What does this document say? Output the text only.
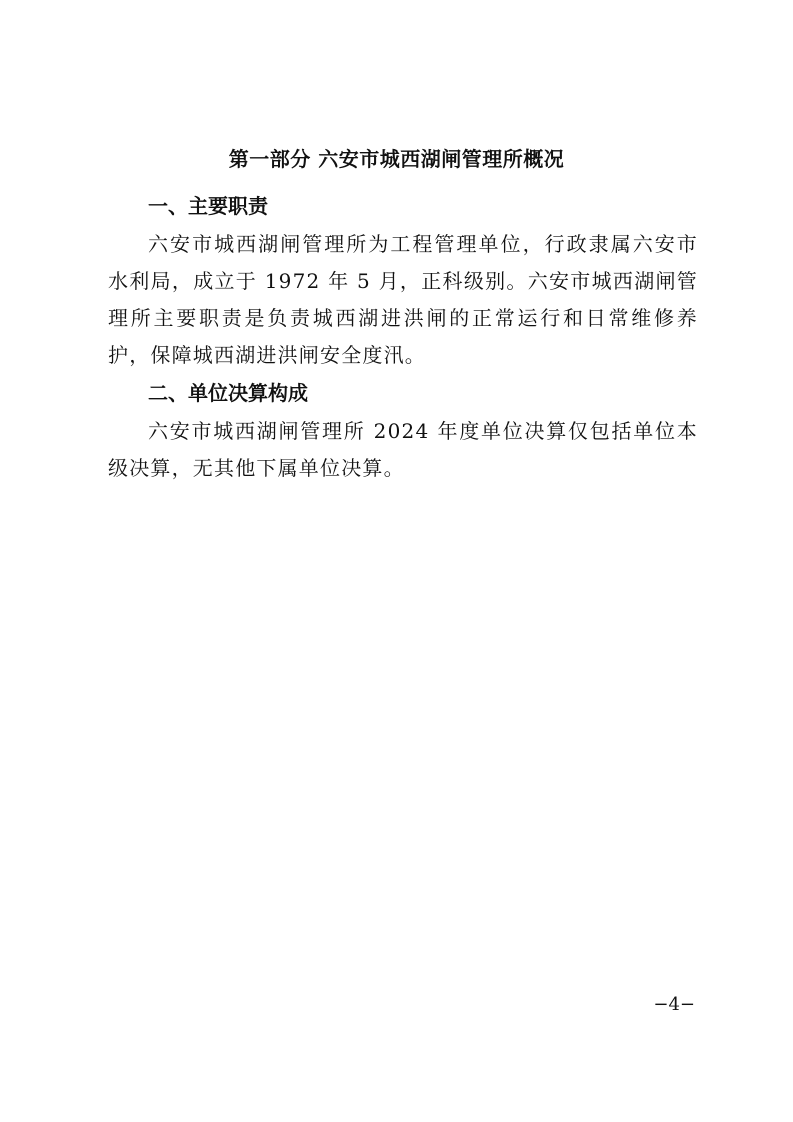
第一部分 六安市城西湖闸管理所概况
一、主要职责

六安市城西湖闸管理所为工程管理单位，行政隶属六安市水利局，成立于 1972 年 5 月，正科级别。六安市城西湖闸管理所主要职责是负责城西湖进洪闸的正常运行和日常维修养护，保障城西湖进洪闸安全度汛。

二、单位决算构成

六安市城西湖闸管理所 2024 年度单位决算仅包括单位本级决算，无其他下属单位决算。

−4−
